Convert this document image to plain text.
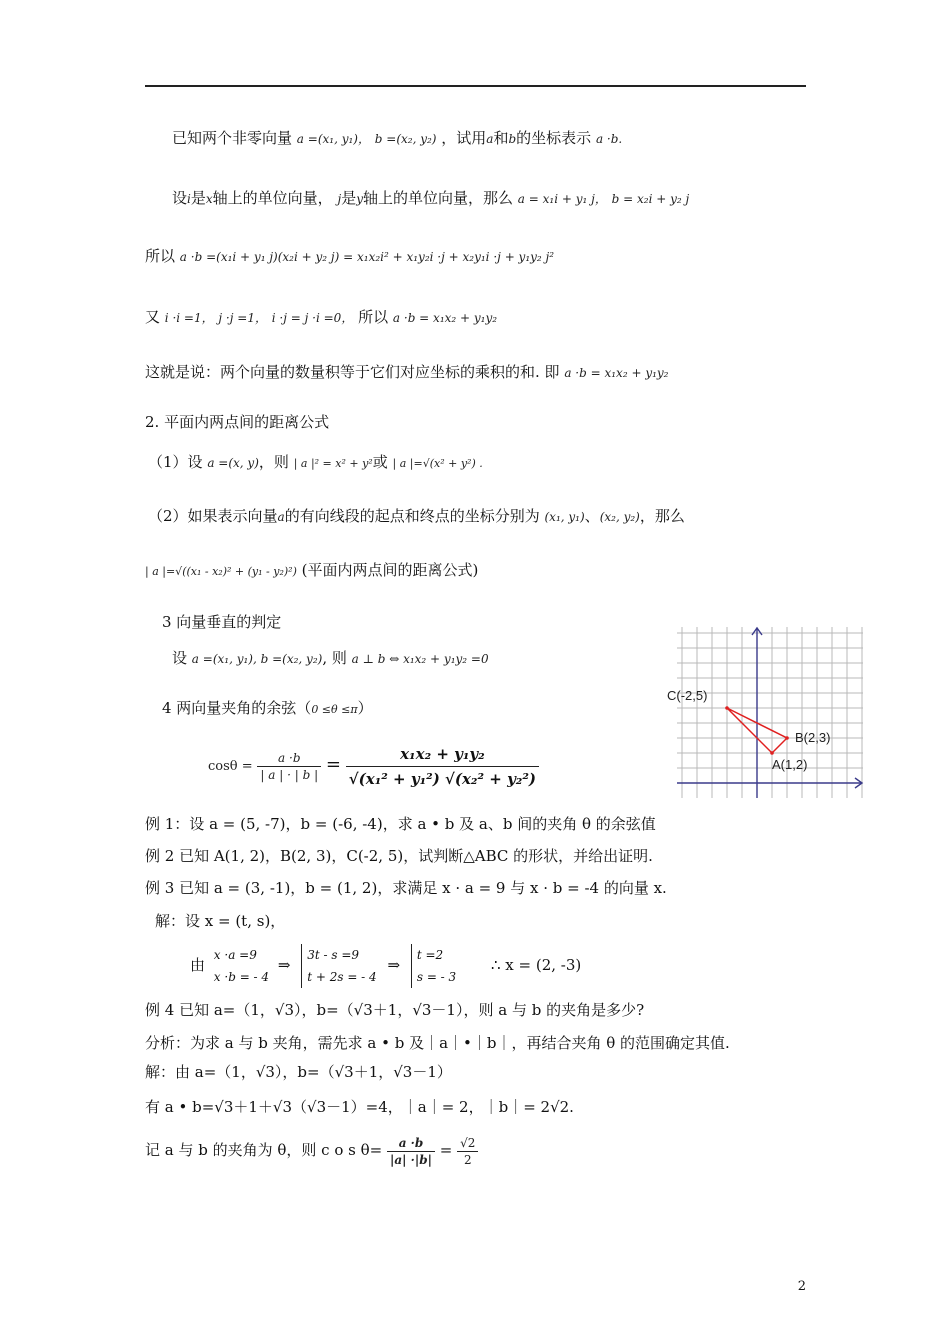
已知两个非零向量 a =(x₁, y₁)， b =(x₂, y₂) ，试用a和b的坐标表示 a ·b.
设i是x轴上的单位向量， j是y轴上的单位向量，那么 a = x₁i + y₁ j， b = x₂i + y₂ j
所以 a ·b =(x₁i + y₁ j)(x₂i + y₂ j) = x₁x₂i² + x₁y₂i ·j + x₂y₁i ·j + y₁y₂ j²
又 i ·i =1， j ·j =1， i ·j = j ·i =0， 所以 a ·b = x₁x₂ + y₁y₂
这就是说：两个向量的数量积等于它们对应坐标的乘积的和. 即 a ·b = x₁x₂ + y₁y₂
2. 平面内两点间的距离公式
（1）设 a =(x, y)，则 | a |² = x² + y²或 | a |=√(x² + y²) .
（2）如果表示向量a的有向线段的起点和终点的坐标分别为 (x₁, y₁)、(x₂, y₂)，那么
| a |=√((x₁ - x₂)² + (y₁ - y₂)²) (平面内两点间的距离公式)
3 向量垂直的判定
设 a =(x₁, y₁), b =(x₂, y₂), 则 a ⊥ b ⇔ x₁x₂ + y₁y₂ =0
4 两向量夹角的余弦（0 ≤θ ≤π）
$\cos\theta = \frac{a \cdot b}{| a | \cdot | b |} = \frac{\text{x₁x₂ + y₁y₂}}{\text{√(x₁² + y₁²) √(x₂² + y₂²)}}$
C(-2,5)
B(2,3)
A(1,2)
例 1：设 a = (5, -7)，b = (-6, -4)，求 a • b 及 a、b 间的夹角 θ 的余弦值
例 2 已知 A(1, 2)，B(2, 3)，C(-2, 5)，试判断△ABC 的形状，并给出证明.
例 3 已知 a = (3, -1)，b = (1, 2)，求满足 x · a = 9 与 x · b = -4 的向量 x.
解：设 x = (t, s)，
由
x ·a =9
x ·b = - 4
⇒
3t - s =9
t + 2s = - 4
⇒
t =2
s = - 3
∴ x = (2, -3)
例 4 已知 a=（1，√3），b=（√3＋1，√3－1），则 a 与 b 的夹角是多少?
分析：为求 a 与 b 夹角，需先求 a • b 及｜a｜•｜b｜，再结合夹角 θ 的范围确定其值.
解：由 a=（1，√3），b=（√3＋1，√3－1）
有 a • b=√3＋1＋√3（√3－1）=4，｜a｜= 2，｜b｜= 2√2.
记 a 与 b 的夹角为 θ，则 c o s $\theta= \frac{a \cdot b}{|a| \cdot|b|} = \frac{√2}{2}$
2
